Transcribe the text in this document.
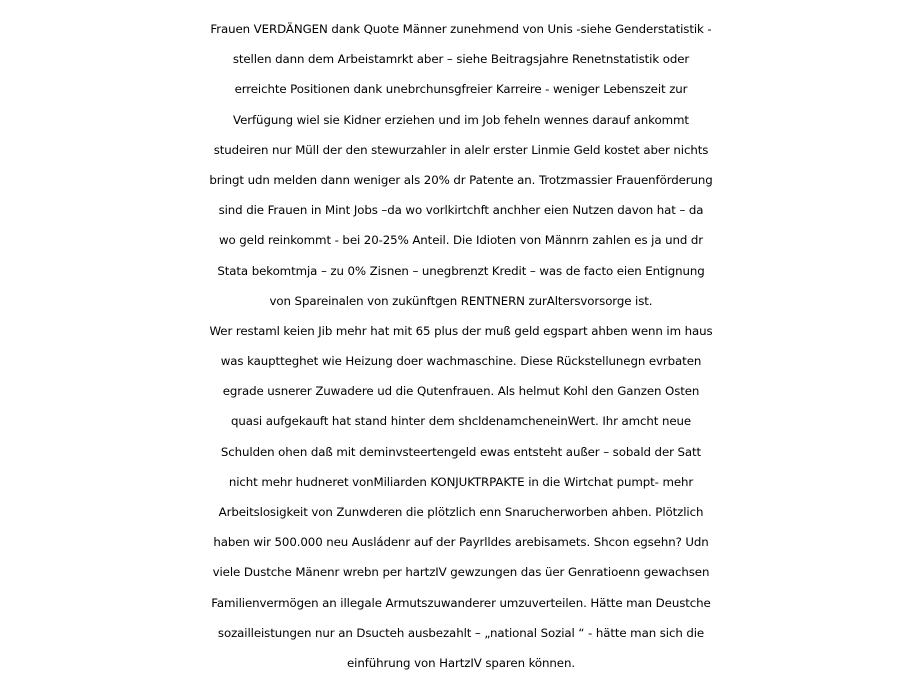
Frauen VERDÄNGEN dank Quote Männer zunehmend von Unis -siehe Genderstatistik -
stellen dann dem Arbeistamrkt aber – siehe Beitragsjahre Renetnstatistik oder
erreichte Positionen dank unebrchunsgfreier Karreire - weniger Lebenszeit zur
Verfügung wiel sie Kidner erziehen und im Job feheln wennes darauf ankommt
studeiren nur Müll der den stewurzahler in alelr erster Linmie Geld kostet aber nichts
bringt udn melden dann weniger als 20% dr Patente an. Trotzmassier Frauenförderung
sind die Frauen in Mint Jobs –da wo vorlkirtchft anchher eien Nutzen davon hat – da
wo geld reinkommt - bei 20-25% Anteil. Die Idioten von Männrn zahlen es ja und dr
Stata bekomtmja – zu 0% Zisnen – unegbrenzt Kredit – was de facto eien Entignung
von Spareinalen von zukünftgen RENTNERN zurAltersvorsorge ist.
Wer restaml keien Jib mehr hat mit 65 plus der muß geld egspart ahben wenn im haus
was kauptteghet wie Heizung doer wachmaschine. Diese Rückstellunegn evrbaten
egrade usnerer Zuwadere ud die Qutenfrauen. Als helmut Kohl den Ganzen Osten
quasi aufgekauft hat stand hinter dem shcldenamcheneinWert. Ihr amcht neue
Schulden ohen daß mit deminvsteertengeld ewas entsteht außer – sobald der Satt
nicht mehr hudneret vonMiliarden KONJUKTRPAKTE in die Wirtchat pumpt- mehr
Arbeitslosigkeit von Zunwderen die plötzlich enn Snarucherworben ahben. Plötzlich
haben wir 500.000 neu Ausládenr auf der Payrlldes arebisamets. Shcon egsehn? Udn
viele Dustche Mänenr wrebn per hartzIV gewzungen das üer Genratioenn gewachsen
Familienvermögen an illegale Armutszuwanderer umzuverteilen. Hätte man Deustche
sozailleistungen nur an Dsucteh ausbezahlt – „national Sozial “ - hätte man sich die
einführung von HartzIV sparen können.
